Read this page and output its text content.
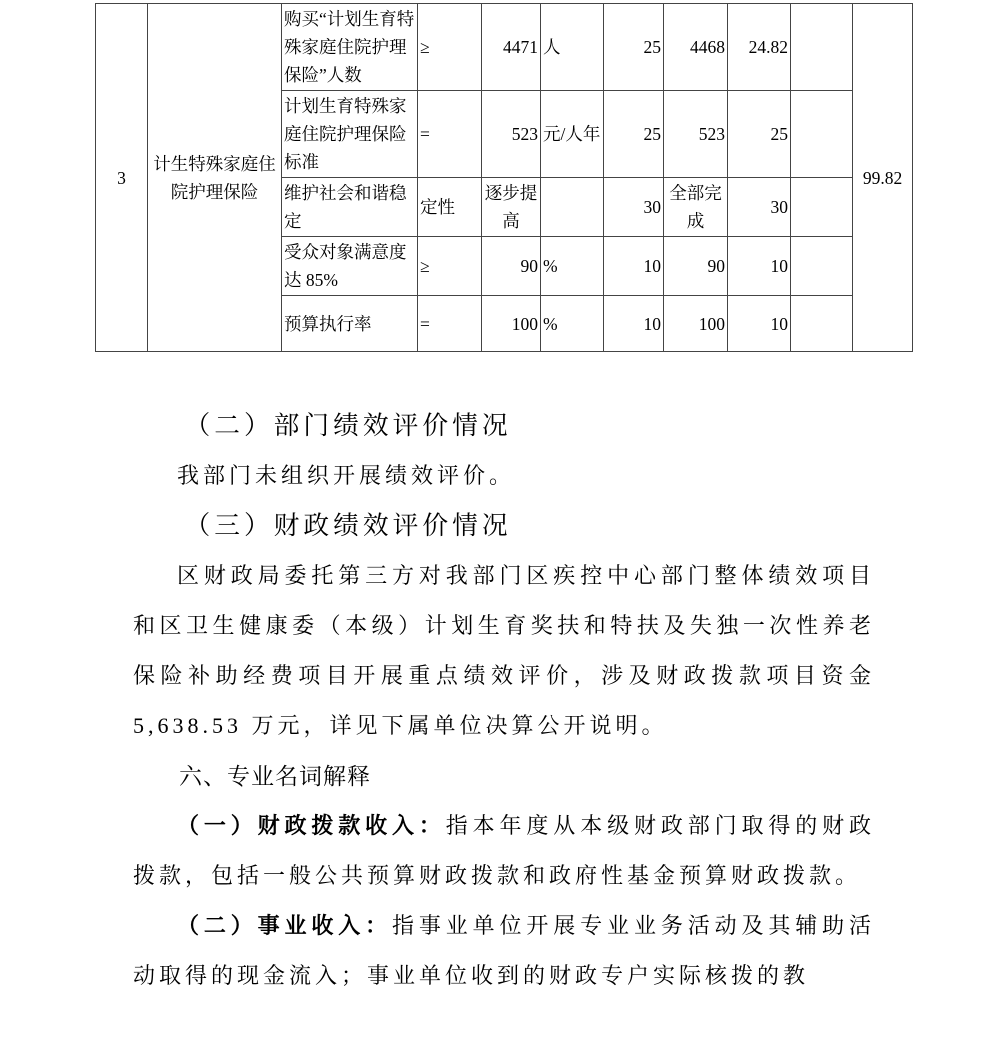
3	计生特殊家庭住院护理保险	购买“计划生育特殊家庭住院护理保险”人数	≥	4471	人	25	4468	24.82		99.82
		计划生育特殊家庭住院护理保险标准	=	523	元/人年	25	523	25		
		维护社会和谐稳定	定性	逐步提高		30	全部完成	30		
		受众对象满意度达 85%	≥	90	%	10	90	10		
		预算执行率	=	100	%	10	100	10		
（二）部门绩效评价情况

我部门未组织开展绩效评价。

（三）财政绩效评价情况

区财政局委托第三方对我部门区疾控中心部门整体绩效项目和区卫生健康委（本级）计划生育奖扶和特扶及失独一次性养老保险补助经费项目开展重点绩效评价，涉及财政拨款项目资金 5,638.53 万元，详见下属单位决算公开说明。

六、专业名词解释

（一）财政拨款收入：指本年度从本级财政部门取得的财政拨款，包括一般公共预算财政拨款和政府性基金预算财政拨款。

（二）事业收入：指事业单位开展专业业务活动及其辅助活动取得的现金流入；事业单位收到的财政专户实际核拨的教
